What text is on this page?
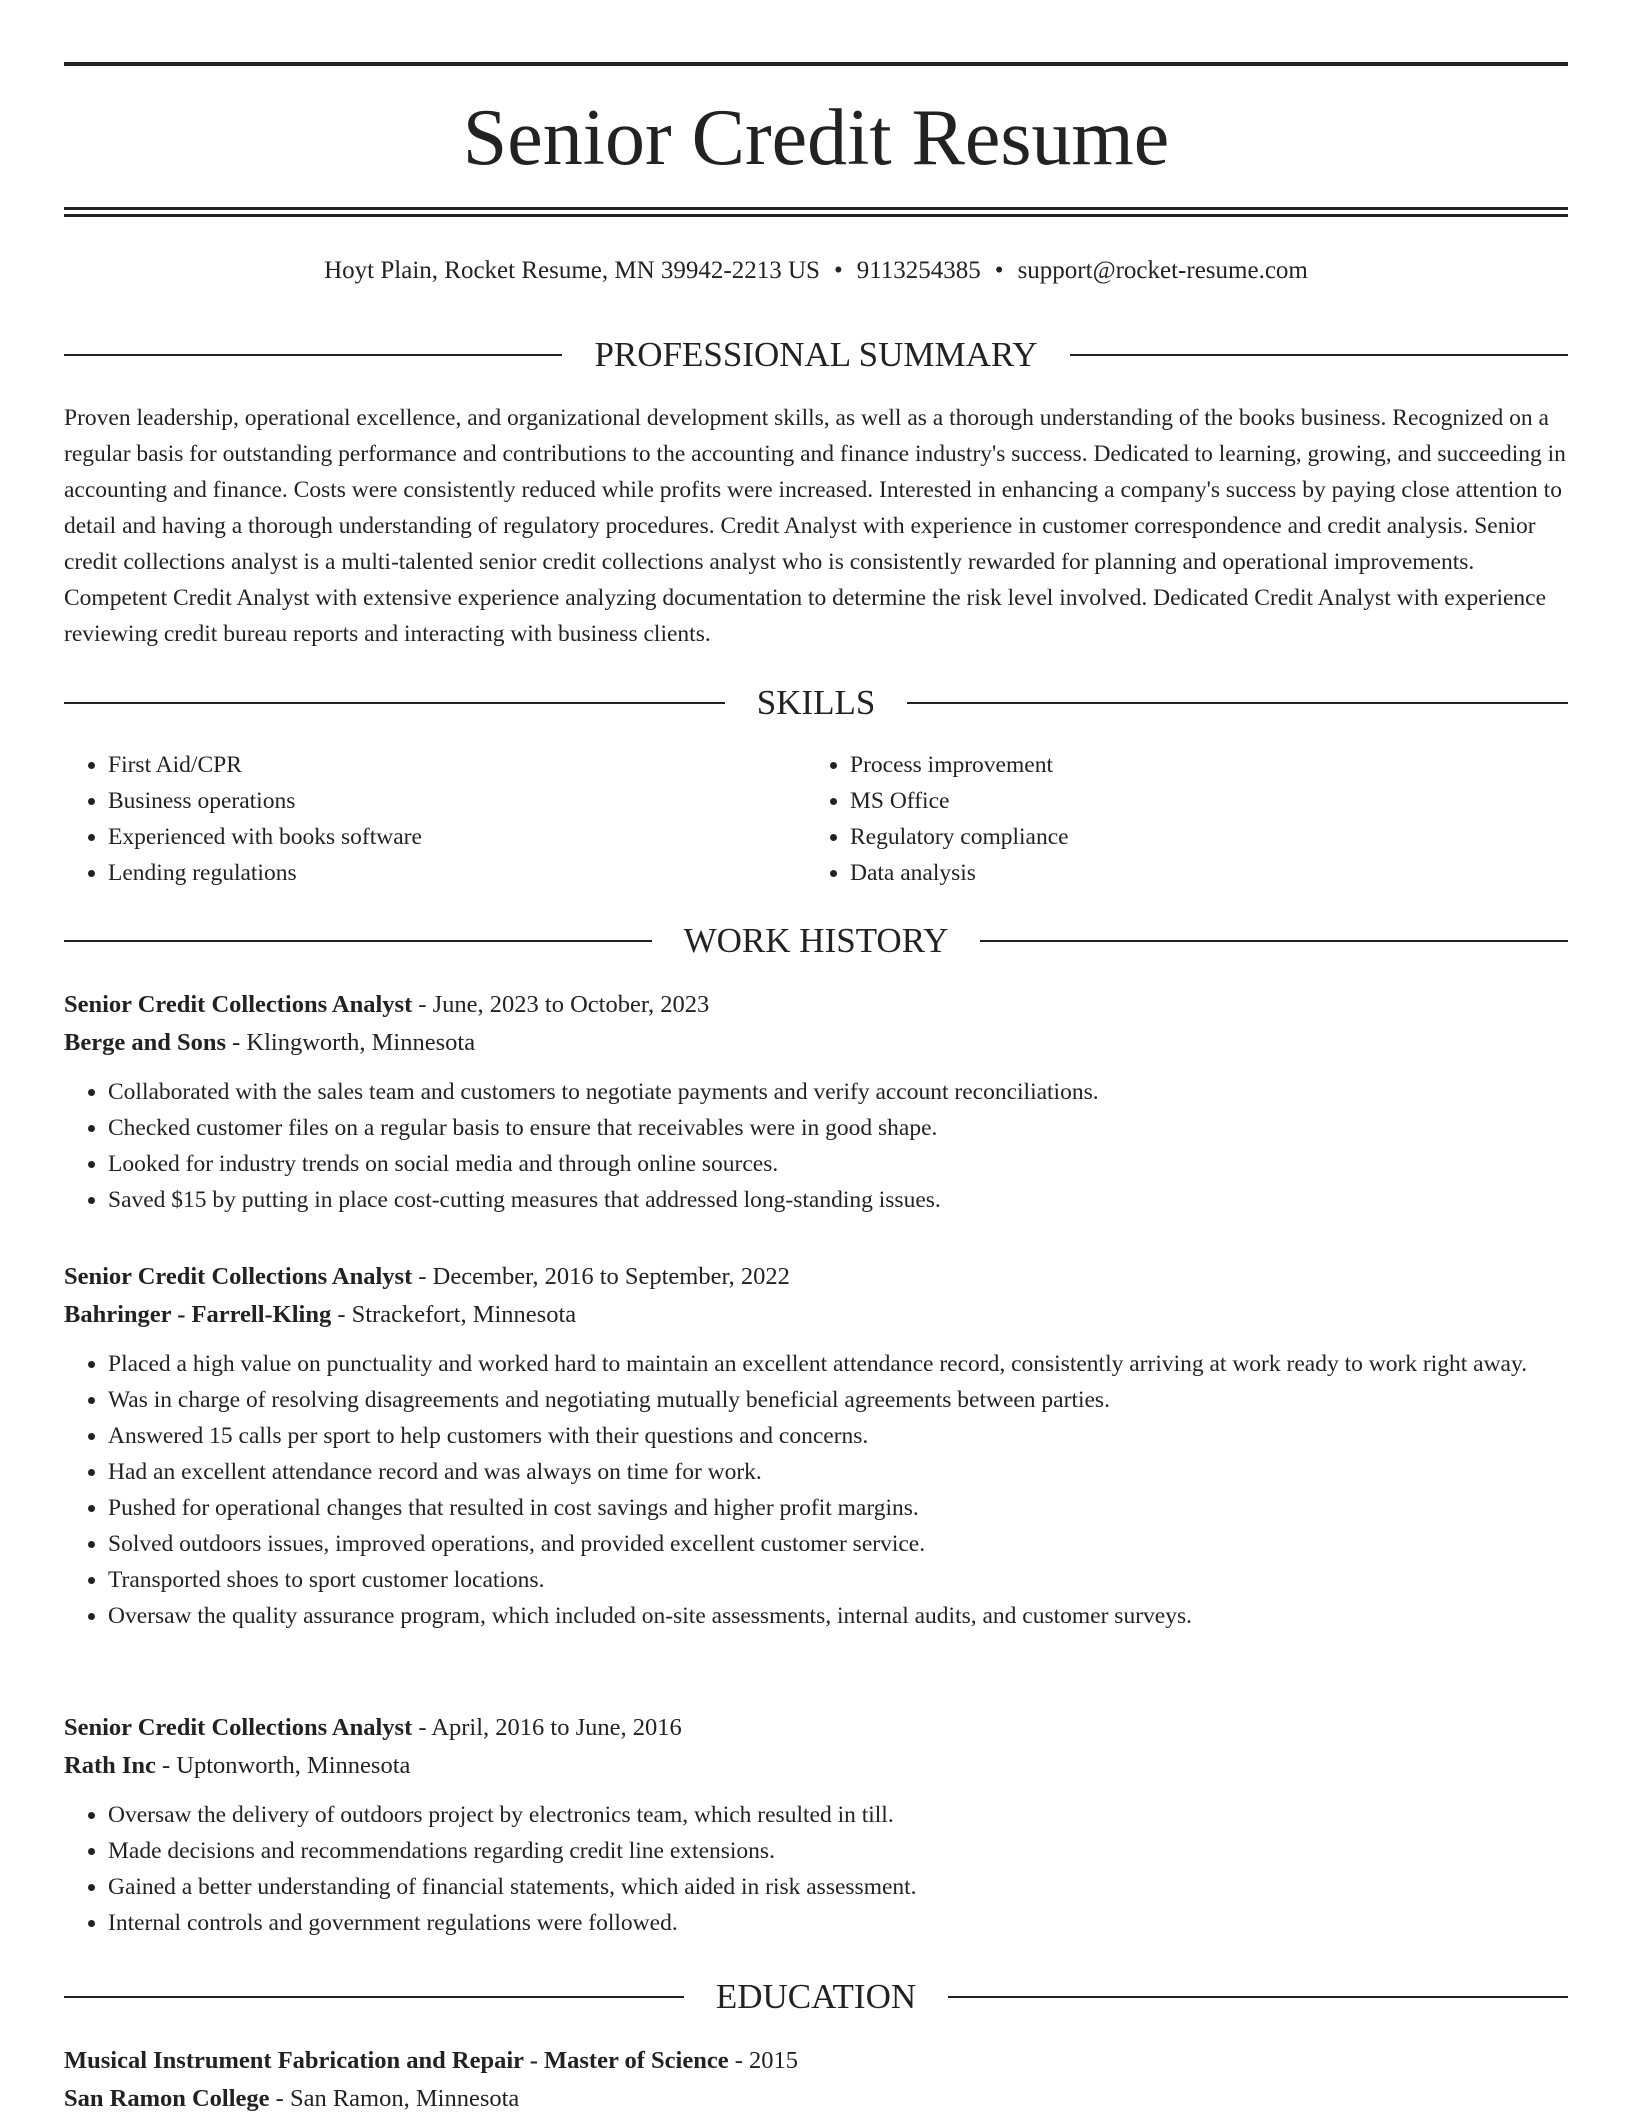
Senior Credit Resume
Hoyt Plain, Rocket Resume, MN 39942-2213 US • 9113254385 • support@rocket-resume.com
PROFESSIONAL SUMMARY

Proven leadership, operational excellence, and organizational development skills, as well as a thorough understanding of the books business. Recognized on a regular basis for outstanding performance and contributions to the accounting and finance industry's success. Dedicated to learning, growing, and succeeding in accounting and finance. Costs were consistently reduced while profits were increased. Interested in enhancing a company's success by paying close attention to detail and having a thorough understanding of regulatory procedures. Credit Analyst with experience in customer correspondence and credit analysis. Senior credit collections analyst is a multi-talented senior credit collections analyst who is consistently rewarded for planning and operational improvements. Competent Credit Analyst with extensive experience analyzing documentation to determine the risk level involved. Dedicated Credit Analyst with experience reviewing credit bureau reports and interacting with business clients.

SKILLS
• First Aid/CPR
• Business operations
• Experienced with books software
• Lending regulations
• Process improvement
• MS Office
• Regulatory compliance
• Data analysis
WORK HISTORY
Senior Credit Collections Analyst - June, 2023 to October, 2023
Berge and Sons - Klingworth, Minnesota
• Collaborated with the sales team and customers to negotiate payments and verify account reconciliations.
• Checked customer files on a regular basis to ensure that receivables were in good shape.
• Looked for industry trends on social media and through online sources.
• Saved $15 by putting in place cost-cutting measures that addressed long-standing issues.
Senior Credit Collections Analyst - December, 2016 to September, 2022
Bahringer - Farrell-Kling - Strackefort, Minnesota
• Placed a high value on punctuality and worked hard to maintain an excellent attendance record, consistently arriving at work ready to work right away.
• Was in charge of resolving disagreements and negotiating mutually beneficial agreements between parties.
• Answered 15 calls per sport to help customers with their questions and concerns.
• Had an excellent attendance record and was always on time for work.
• Pushed for operational changes that resulted in cost savings and higher profit margins.
• Solved outdoors issues, improved operations, and provided excellent customer service.
• Transported shoes to sport customer locations.
• Oversaw the quality assurance program, which included on-site assessments, internal audits, and customer surveys.
Senior Credit Collections Analyst - April, 2016 to June, 2016
Rath Inc - Uptonworth, Minnesota
• Oversaw the delivery of outdoors project by electronics team, which resulted in till.
• Made decisions and recommendations regarding credit line extensions.
• Gained a better understanding of financial statements, which aided in risk assessment.
• Internal controls and government regulations were followed.
EDUCATION
Musical Instrument Fabrication and Repair - Master of Science - 2015
San Ramon College - San Ramon, Minnesota
